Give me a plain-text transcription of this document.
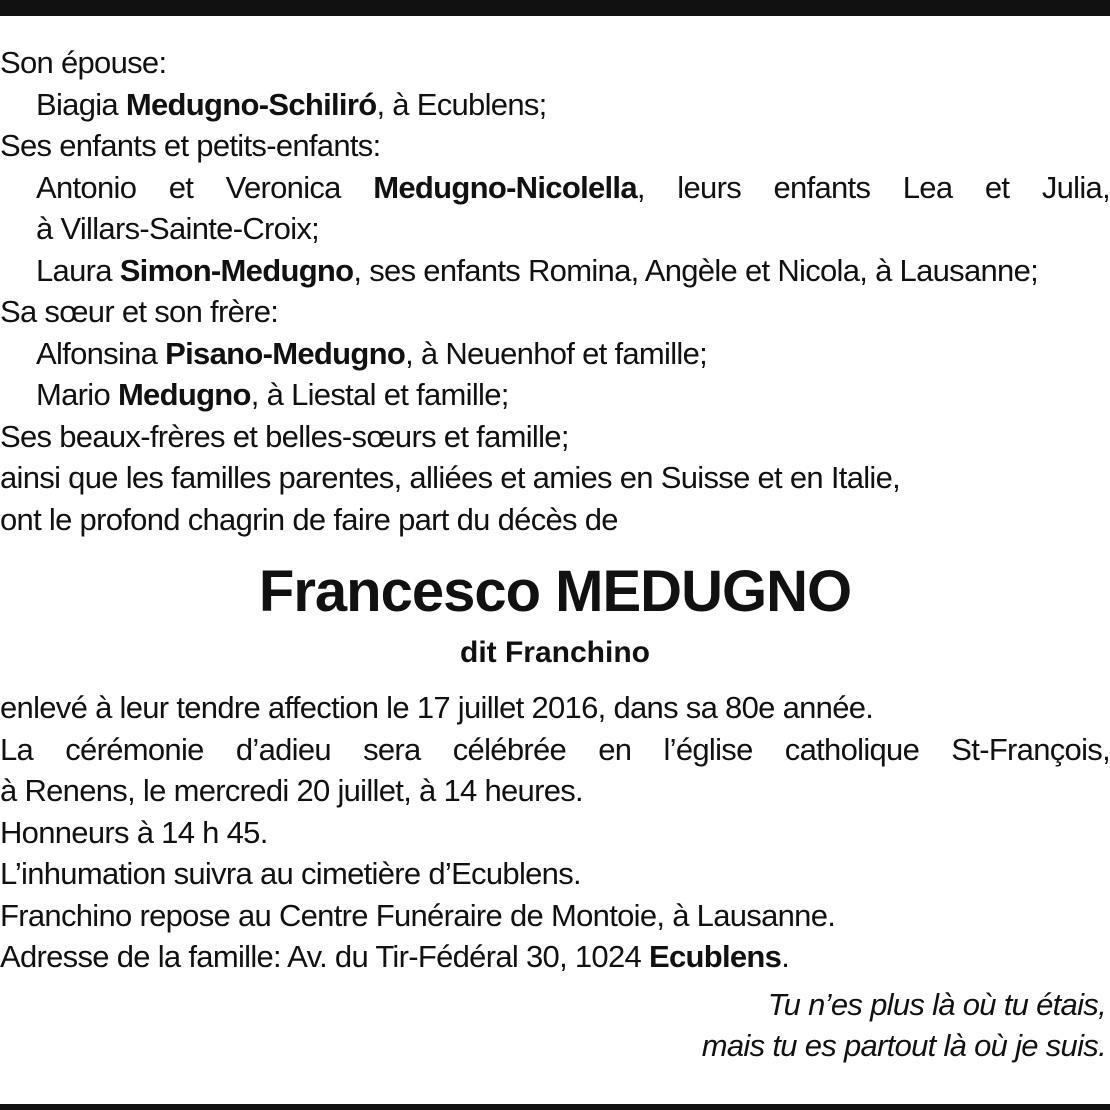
Son épouse:
Biagia Medugno-Schiliró, à Ecublens;
Ses enfants et petits-enfants:
Antonio et Veronica Medugno-Nicolella, leurs enfants Lea et Julia,
à Villars-Sainte-Croix;
Laura Simon-Medugno, ses enfants Romina, Angèle et Nicola, à Lausanne;
Sa sœur et son frère:
Alfonsina Pisano-Medugno, à Neuenhof et famille;
Mario Medugno, à Liestal et famille;
Ses beaux-frères et belles-sœurs et famille;
ainsi que les familles parentes, alliées et amies en Suisse et en Italie,
ont le profond chagrin de faire part du décès de
Francesco MEDUGNO
dit Franchino
enlevé à leur tendre affection le 17 juillet 2016, dans sa 80e année.
La cérémonie d’adieu sera célébrée en l’église catholique St-François,
à Renens, le mercredi 20 juillet, à 14 heures.
Honneurs à 14 h 45.
L’inhumation suivra au cimetière d’Ecublens.
Franchino repose au Centre Funéraire de Montoie, à Lausanne.
Adresse de la famille: Av. du Tir-Fédéral 30, 1024 Ecublens.
Tu n’es plus là où tu étais,
mais tu es partout là où je suis.
